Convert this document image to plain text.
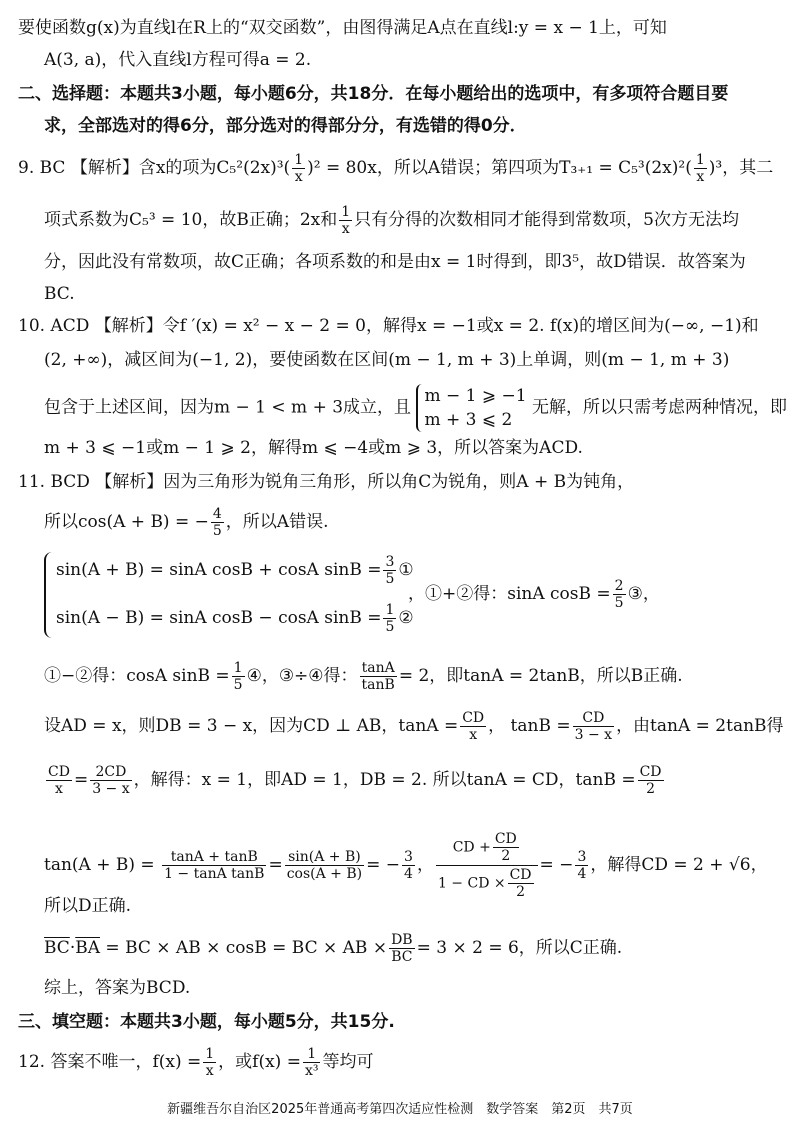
要使函数g(x)为直线l在R上的“双交函数”，由图得满足A点在直线l:y = x − 1上，可知
A(3, a)，代入直线l方程可得a = 2.
二、选择题：本题共3小题，每小题6分，共18分．在每小题给出的选项中，有多项符合题目要
求，全部选对的得6分，部分选对的得部分分，有选错的得0分．
9. BC 【解析】含x的项为$C_5^2(2x)^3( \frac{1}{x} )^2 = 80x$，所以A错误；第四项为$T_{3+1} = C_5^3(2x)^2( \frac{1}{x} )^3$，其二
项式系数为C₅³ = 10，故B正确；2x和 $\frac{1}{x}$ 只有分得的次数相同才能得到常数项，5次方无法均
分，因此没有常数项，故C正确；各项系数的和是由x = 1时得到，即3⁵，故D错误．故答案为
BC.
10. ACD 【解析】令f ′(x) = x² − x − 2 = 0，解得x = −1或x = 2. f(x)的增区间为(−∞, −1)和
(2, +∞)，减区间为(−1, 2)，要使函数在区间(m − 1, m + 3)上单调，则(m − 1, m + 3)
包含于上述区间，因为m − 1 < m + 3成立，且
m − 1 ⩾ −1
m + 3 ⩽ 2
无解，所以只需考虑两种情况，即
m + 3 ⩽ −1或m − 1 ⩾ 2，解得m ⩽ −4或m ⩾ 3，所以答案为ACD.
11. BCD 【解析】因为三角形为锐角三角形，所以角C为锐角，则A + B为钝角，
所以cos(A + B) = − $\frac{4}{5}$ ，所以A错误.
sin(A + B) = sinA cosB + cosA $\sin B = \frac{3}{5}$ ①
sin(A − B) = sinA cosB − cosA $\sin B = \frac{1}{5}$ ②
，①+②得：sinA $\cos B = \frac{2}{5}$ ③，
①−②得：cosA $\sin B = \frac{1}{5}$ ④，③÷④得： $\frac{\tan A}{\tan B} = 2$，即tanA = 2tanB，所以B正确.
设AD = x，则DB = 3 − x，因为CD ⊥ AB，$\tan A = \frac{CD}{x}$ ， $\tan B = \frac{CD}{3 - x}$ ，由tanA = 2tanB得
$\frac{CD}{x} = \frac{2CD}{3 - x}$ ，解得：x = 1，即AD = 1，DB = 2. 所以tanA = CD，$\tan B = \frac{CD}{2}$
$\tan(A + B) = \frac{\tan A + \tan B}{\text{1 − tanA tanB}} = \frac{\sin(A + B)}{\cos(A + B)}$ = − $\frac{3}{4}$ ， $\frac{CD + \frac{CD}{2}}{1 - CD \times \frac{CD}{2}}$ = − $\frac{3}{4}$ ，解得CD = 2 + √6，
所以D正确.
$\overline{BC}\cdot\overline{BA}$ = BC × AB × cosB = BC × AB × $\frac{DB}{BC} = 3 \times 2 = 6$，所以C正确.
综上，答案为BCD.
三、填空题：本题共3小题，每小题5分，共15分.
12. 答案不唯一，$f(x) = \frac{1}{x}$ ，或$f(x) = \frac{1}{\text{x³}}$ 等均可
新疆维吾尔自治区2025年普通高考第四次适应性检测　数学答案　第2页　共7页
